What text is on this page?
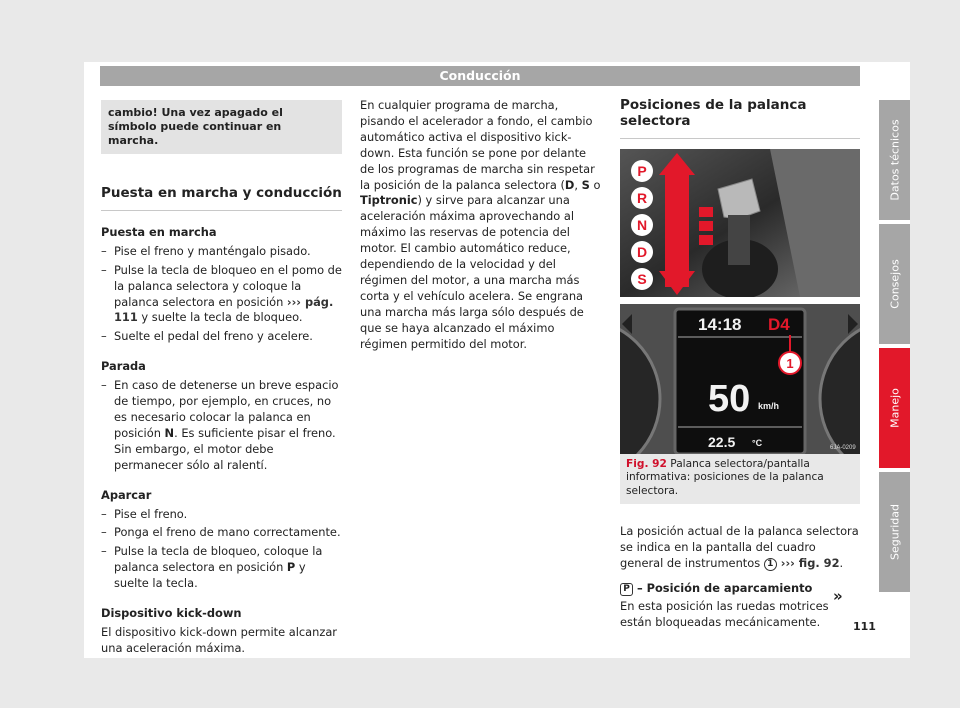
Conducción
cambio! Una vez apagado el símbolo puede continuar en marcha.
Puesta en marcha y conducción
Puesta en marcha
– Pise el freno y manténgalo pisado.
– Pulse la tecla de bloqueo en el pomo de la palanca selectora y coloque la palanca selectora en posición ››› pág. 111 y suelte la tecla de bloqueo.
– Suelte el pedal del freno y acelere.
Parada
– En caso de detenerse un breve espacio de tiempo, por ejemplo, en cruces, no es necesario colocar la palanca en posición N. Es suficiente pisar el freno. Sin embargo, el motor debe permanecer sólo al ralentí.
Aparcar
– Pise el freno.
– Ponga el freno de mano correctamente.
– Pulse la tecla de bloqueo, coloque la palanca selectora en posición P y suelte la tecla.
Dispositivo kick-down
El dispositivo kick-down permite alcanzar una aceleración máxima.
En cualquier programa de marcha, pisando el acelerador a fondo, el cambio automático activa el dispositivo kick-down. Esta función se pone por delante de los programas de marcha sin respetar la posición de la palanca selectora (D, S o Tiptronic) y sirve para alcanzar una aceleración máxima aprovechando al máximo las reservas de potencia del motor. El cambio automático reduce, dependiendo de la velocidad y del régimen del motor, a una marcha más corta y el vehículo acelera. Se engrana una marcha más larga sólo después de que se haya alcanzado el máximo régimen permitido del motor.
Posiciones de la palanca selectora
P
R
N
D
S
14:18 D4
50 km/h
22.5 °C
1
6JA-0209
Fig. 92 Palanca selectora/pantalla informativa: posiciones de la palanca selectora.
La posición actual de la palanca selectora se indica en la pantalla del cuadro general de instrumentos 1 ››› fig. 92.
P – Posición de aparcamiento
En esta posición las ruedas motrices están bloqueadas mecánicamente.
Datos técnicos
Consejos
Manejo
Seguridad
»
111
